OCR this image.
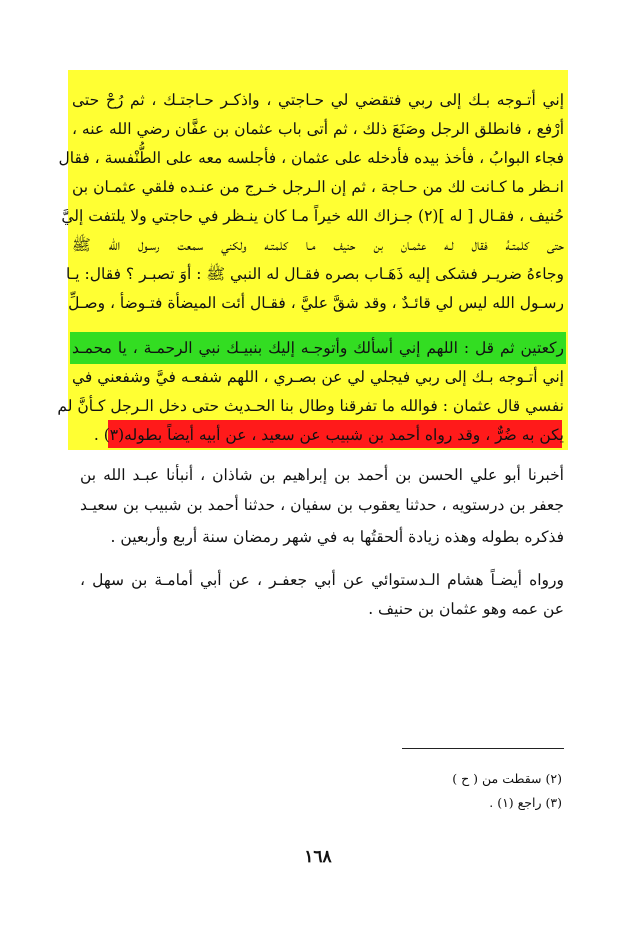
إني أتـوجه بـك إلى ربي فتقضي لي حـاجتي ، واذكـر حـاجتـك ، ثم رُحْ حتى
أرْفع ، فانطلق الرجل وصَنَعَ ذلك ، ثم أتى باب عثمان بن عفَّان رضي الله عنه ،
فجاء البوابُ ، فأخذ بيده فأدخله على عثمان ، فأجلسه معه على الطُّنْفسة ، فقال
انـظر ما كـانت لك من حـاجة ، ثم إن الـرجل خـرج من عنـده فلقي عثمـان بن
حُنيف ، فقـال [ له ](٢) جـزاك الله خيراً مـا كان ينـظر في حاجتي ولا يلتفت إليَّ
حتى كلمتـهُ فقال لـه عثمـان بن حنيف مـا كلمتـه ولكني سمعت رسـول الله ﷺ
وجاءهُ ضريـر فشكى إليه ذَهَـاب بصره فقـال له النبي ﷺ : أوَ تصبـر ؟ فقال: يـا
رسـول الله ليس لي قائـدٌ ، وقد شقَّ عليَّ ، فقـال أئت الميضأة فتـوضأ ، وصـلِّ
ركعتين ثم قل : اللهم إني أسألك وأتوجـه إليك بنبيـك نبي الرحمـة ، يا محمـد
إني أتـوجه بـك إلى ربي فيجلي لي عن بصـري ، اللهم شفعـه فيَّ وشفعني في
نفسي قال عثمان : فوالله ما تفرقنا وطال بنا الحـديث حتى دخل الـرجل كـأنَّ لم
يكن به ضُرٌّ ، وقد رواه أحمد بن شبيب عن سعيد ، عن أبيه أيضاً بطوله(٣) .
أخبرنا أبو علي الحسن بن أحمد بن إبراهيم بن شاذان ، أنبأنا عبـد الله بن
جعفر بن درستويه ، حدثنا يعقوب بن سفيان ، حدثنا أحمد بن شبيب بن سعيـد
فذكره بطوله وهذه زيادة ألحقتُها به في شهر رمضان سنة أربع وأربعين .
ورواه أيضـاً هشام الـدستوائي عن أبي جعفـر ، عن أبي أمامـة بن سهل ،
عن عمه وهو عثمان بن حنيف .
(٢) سقطت من ( ح )
(٣) راجع (١) .
١٦٨
